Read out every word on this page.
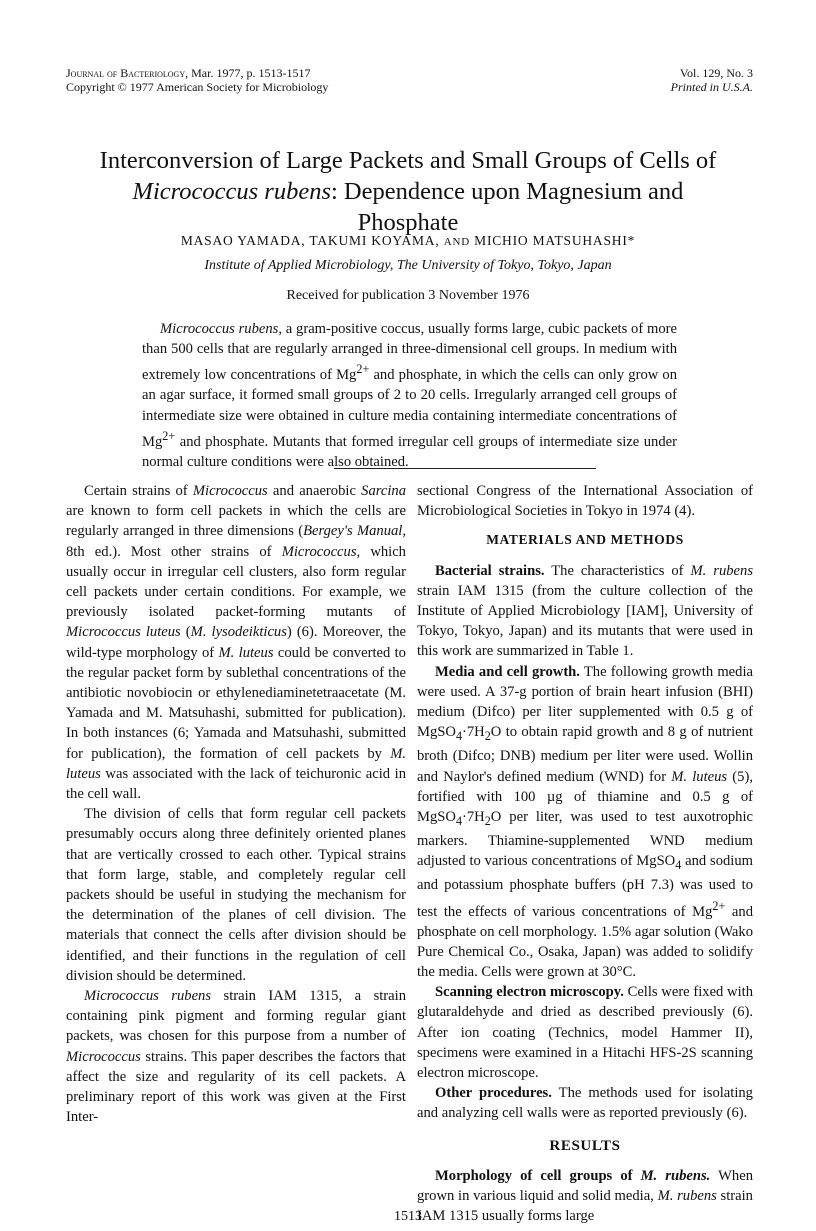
Journal of Bacteriology, Mar. 1977, p. 1513-1517
Copyright © 1977 American Society for Microbiology
Vol. 129, No. 3
Printed in U.S.A.
Interconversion of Large Packets and Small Groups of Cells of
Micrococcus rubens: Dependence upon Magnesium and
Phosphate
MASAO YAMADA, TAKUMI KOYAMA, AND MICHIO MATSUHASHI*
Institute of Applied Microbiology, The University of Tokyo, Tokyo, Japan
Received for publication 3 November 1976

Micrococcus rubens, a gram-positive coccus, usually forms large, cubic packets of more than 500 cells that are regularly arranged in three-dimensional cell groups. In medium with extremely low concentrations of $Mg^{2+}$ and phosphate, in which the cells can only grow on an agar surface, it formed small groups of 2 to 20 cells. Irregularly arranged cell groups of intermediate size were obtained in culture media containing intermediate concentrations of $Mg^{2+}$ and phosphate. Mutants that formed irregular cell groups of intermediate size under normal culture conditions were also obtained.

Certain strains of Micrococcus and anaerobic Sarcina are known to form cell packets in which the cells are regularly arranged in three dimensions (Bergey's Manual, 8th ed.). Most other strains of Micrococcus, which usually occur in irregular cell clusters, also form regular cell packets under certain conditions. For example, we previously isolated packet-forming mutants of Micrococcus luteus (M. lysodeikticus) (6). Moreover, the wild-type morphology of M. luteus could be converted to the regular packet form by sublethal concentrations of the antibiotic novobiocin or ethylenediaminetetraacetate (M. Yamada and M. Matsuhashi, submitted for publication). In both instances (6; Yamada and Matsuhashi, submitted for publication), the formation of cell packets by M. luteus was associated with the lack of teichuronic acid in the cell wall.

The division of cells that form regular cell packets presumably occurs along three definitely oriented planes that are vertically crossed to each other. Typical strains that form large, stable, and completely regular cell packets should be useful in studying the mechanism for the determination of the planes of cell division. The materials that connect the cells after division should be identified, and their functions in the regulation of cell division should be determined.

Micrococcus rubens strain IAM 1315, a strain containing pink pigment and forming regular giant packets, was chosen for this purpose from a number of Micrococcus strains. This paper describes the factors that affect the size and regularity of its cell packets. A preliminary report of this work was given at the First Inter-

sectional Congress of the International Association of Microbiological Societies in Tokyo in 1974 (4).

MATERIALS AND METHODS

Bacterial strains. The characteristics of M. rubens strain IAM 1315 (from the culture collection of the Institute of Applied Microbiology [IAM], University of Tokyo, Tokyo, Japan) and its mutants that were used in this work are summarized in Table 1.

Media and cell growth. The following growth media were used. A 37-g portion of brain heart infusion (BHI) medium (Difco) per liter supplemented with 0.5 g of $MgSO_4\cdot 7H_2O$ to obtain rapid growth and 8 g of nutrient broth (Difco; DNB) medium per liter were used. Wollin and Naylor's defined medium (WND) for M. luteus (5), fortified with 100 µg of thiamine and 0.5 g of $MgSO_4\cdot 7H_2O$ per liter, was used to test auxotrophic markers. Thiamine-supplemented WND medium adjusted to various concentrations of MgSO$_4$ and sodium and potassium phosphate buffers (pH 7.3) was used to test the effects of various concentrations of $Mg^{2+}$ and phosphate on cell morphology. 1.5% agar solution (Wako Pure Chemical Co., Osaka, Japan) was added to solidify the media. Cells were grown at 30°C.

Scanning electron microscopy. Cells were fixed with glutaraldehyde and dried as described previously (6). After ion coating (Technics, model Hammer II), specimens were examined in a Hitachi HFS-2S scanning electron microscope.

Other procedures. The methods used for isolating and analyzing cell walls were as reported previously (6).

RESULTS

Morphology of cell groups of M. rubens. When grown in various liquid and solid media, M. rubens strain IAM 1315 usually forms large

1513
